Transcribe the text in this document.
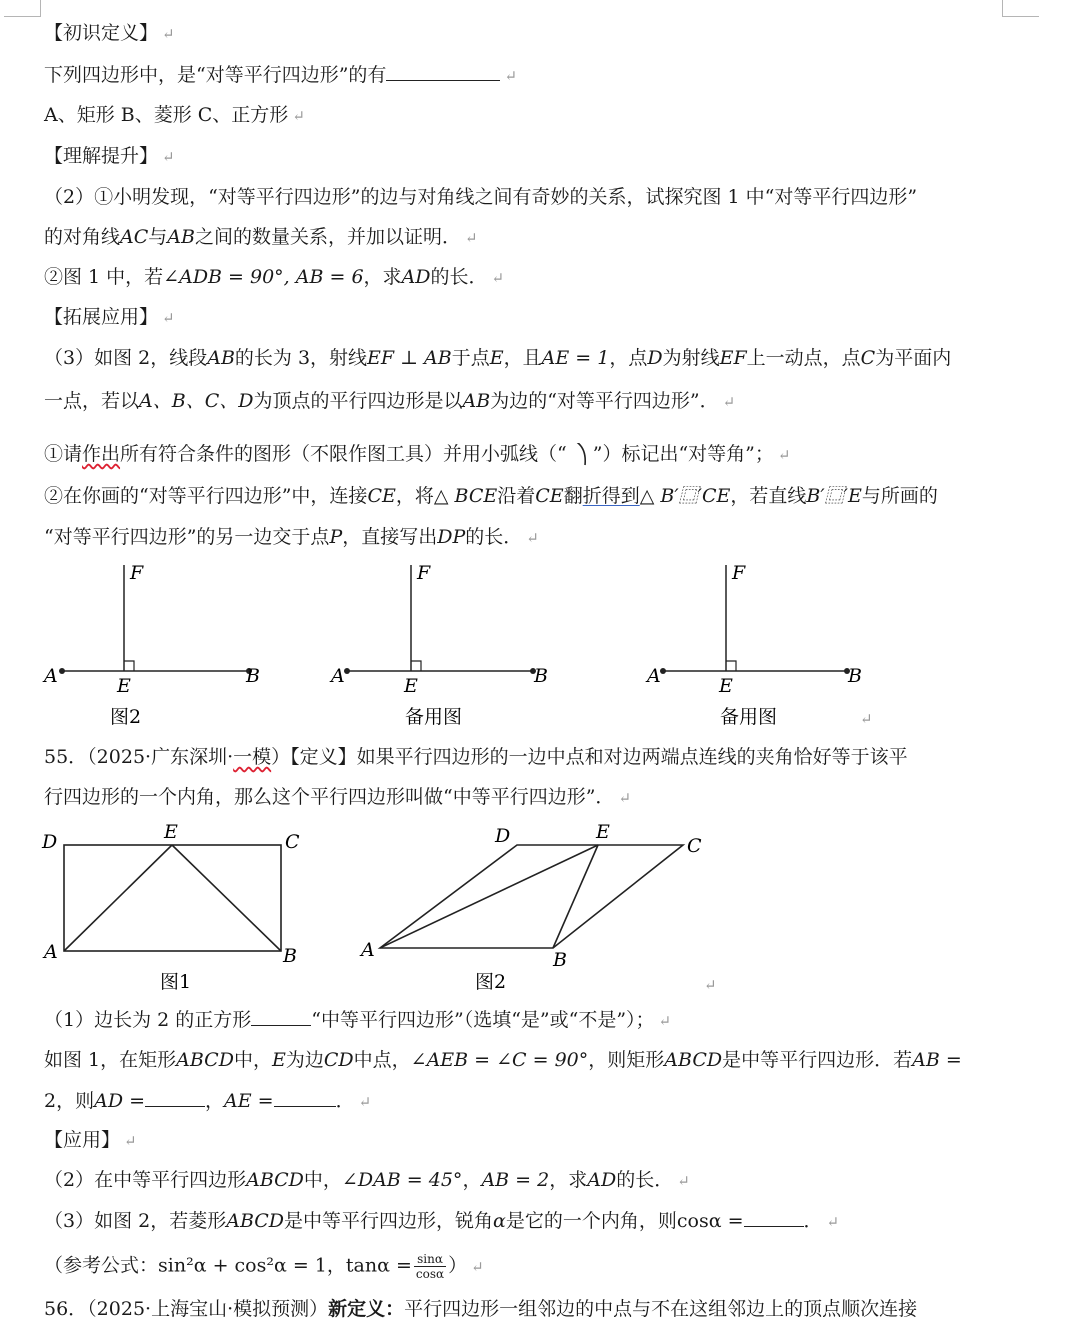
【初识定义】 ↵
下列四边形中，是“对等平行四边形”的有	↵
A、矩形 B、菱形 C、正方形 ↵
【理解提升】 ↵
（2）①小明发现，“对等平行四边形”的边与对角线之间有奇妙的关系，试探究图 1 中“对等平行四边形”
的对角线AC与AB之间的数量关系，并加以证明． ↵
②图 1 中，若∠ADB = 90°, AB = 6，求AD的长． ↵
【拓展应用】 ↵
（3）如图 2，线段AB的长为 3，射线EF ⊥ AB于点E，且AE = 1，点D为射线EF上一动点，点C为平面内
一点，若以A、B、C、D为顶点的平行四边形是以AB为边的“对等平行四边形”． ↵
①请作出所有符合条件的图形（不限作图工具）并用小弧线（“ ”）标记出“对等角”； ↵
②在你画的“对等平行四边形”中，连接CE，将△ BCE沿着CE翻折得到△ B′⿴′CE，若直线B′⿴′E与所画的
“对等平行四边形”的另一边交于点P，直接写出DP的长． ↵
F
A	E	B
图2
F
A	E	B
备用图
F
A	E	B
备用图	↵
55．（2025·广东深圳·一模）【定义】如果平行四边形的一边中点和对边两端点连线的夹角恰好等于该平
行四边形的一个内角，那么这个平行四边形叫做“中等平行四边形”． ↵
D	E	C
A	B
图1
D	E
C
A	B
图2	↵
（1）边长为 2 的正方形	“中等平行四边形”（选填“是”或“不是”）； ↵
如图 1，在矩形ABCD中，E为边CD中点，∠AEB = ∠C = 90°，则矩形ABCD是中等平行四边形．若AB =
2，则AD =	，AE =	． ↵
【应用】 ↵
（2）在中等平行四边形ABCD中，∠DAB = 45°，AB = 2，求AD的长． ↵
（3）如图 2，若菱形ABCD是中等平行四边形，锐角α是它的一个内角，则cosα =	． ↵
（参考公式：sin²α + cos²α = 1，$\tan\alpha = \frac{\sin\alpha}{\cos\alpha}$ ） ↵
56．（2025·上海宝山·模拟预测）新定义：平行四边形一组邻边的中点与不在这组邻边上的顶点顺次连接
